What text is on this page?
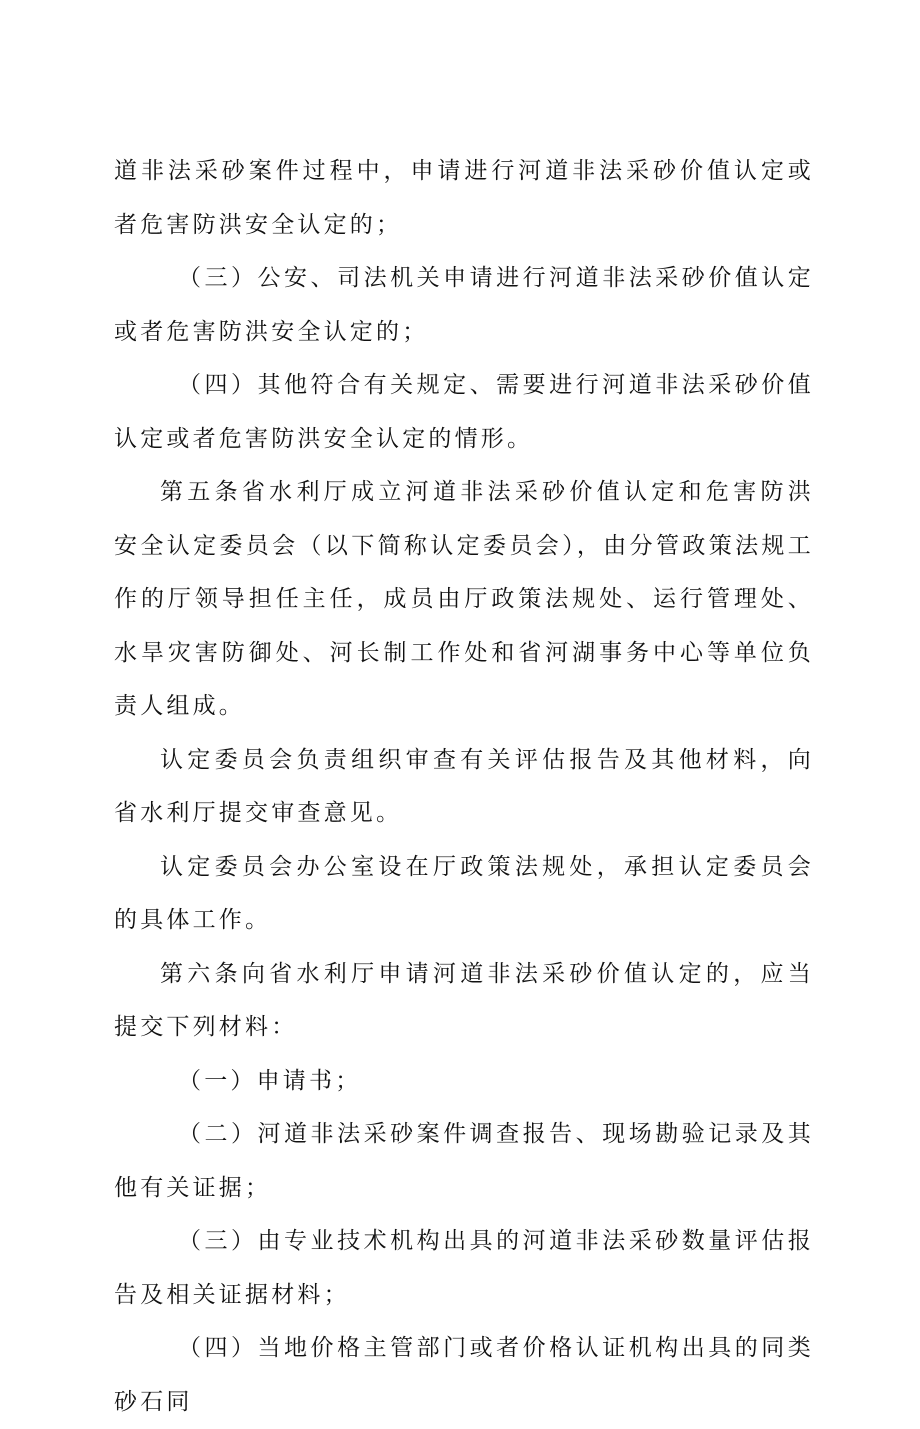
道非法采砂案件过程中，申请进行河道非法采砂价值认定或者危害防洪安全认定的；

（三）公安、司法机关申请进行河道非法采砂价值认定或者危害防洪安全认定的；

（四）其他符合有关规定、需要进行河道非法采砂价值认定或者危害防洪安全认定的情形。

第五条省水利厅成立河道非法采砂价值认定和危害防洪安全认定委员会（以下简称认定委员会），由分管政策法规工作的厅领导担任主任，成员由厅政策法规处、运行管理处、水旱灾害防御处、河长制工作处和省河湖事务中心等单位负责人组成。

认定委员会负责组织审查有关评估报告及其他材料，向省水利厅提交审查意见。

认定委员会办公室设在厅政策法规处，承担认定委员会的具体工作。

第六条向省水利厅申请河道非法采砂价值认定的，应当提交下列材料：

（一）申请书；

（二）河道非法采砂案件调查报告、现场勘验记录及其他有关证据；

（三）由专业技术机构出具的河道非法采砂数量评估报告及相关证据材料；

（四）当地价格主管部门或者价格认证机构出具的同类砂石同
